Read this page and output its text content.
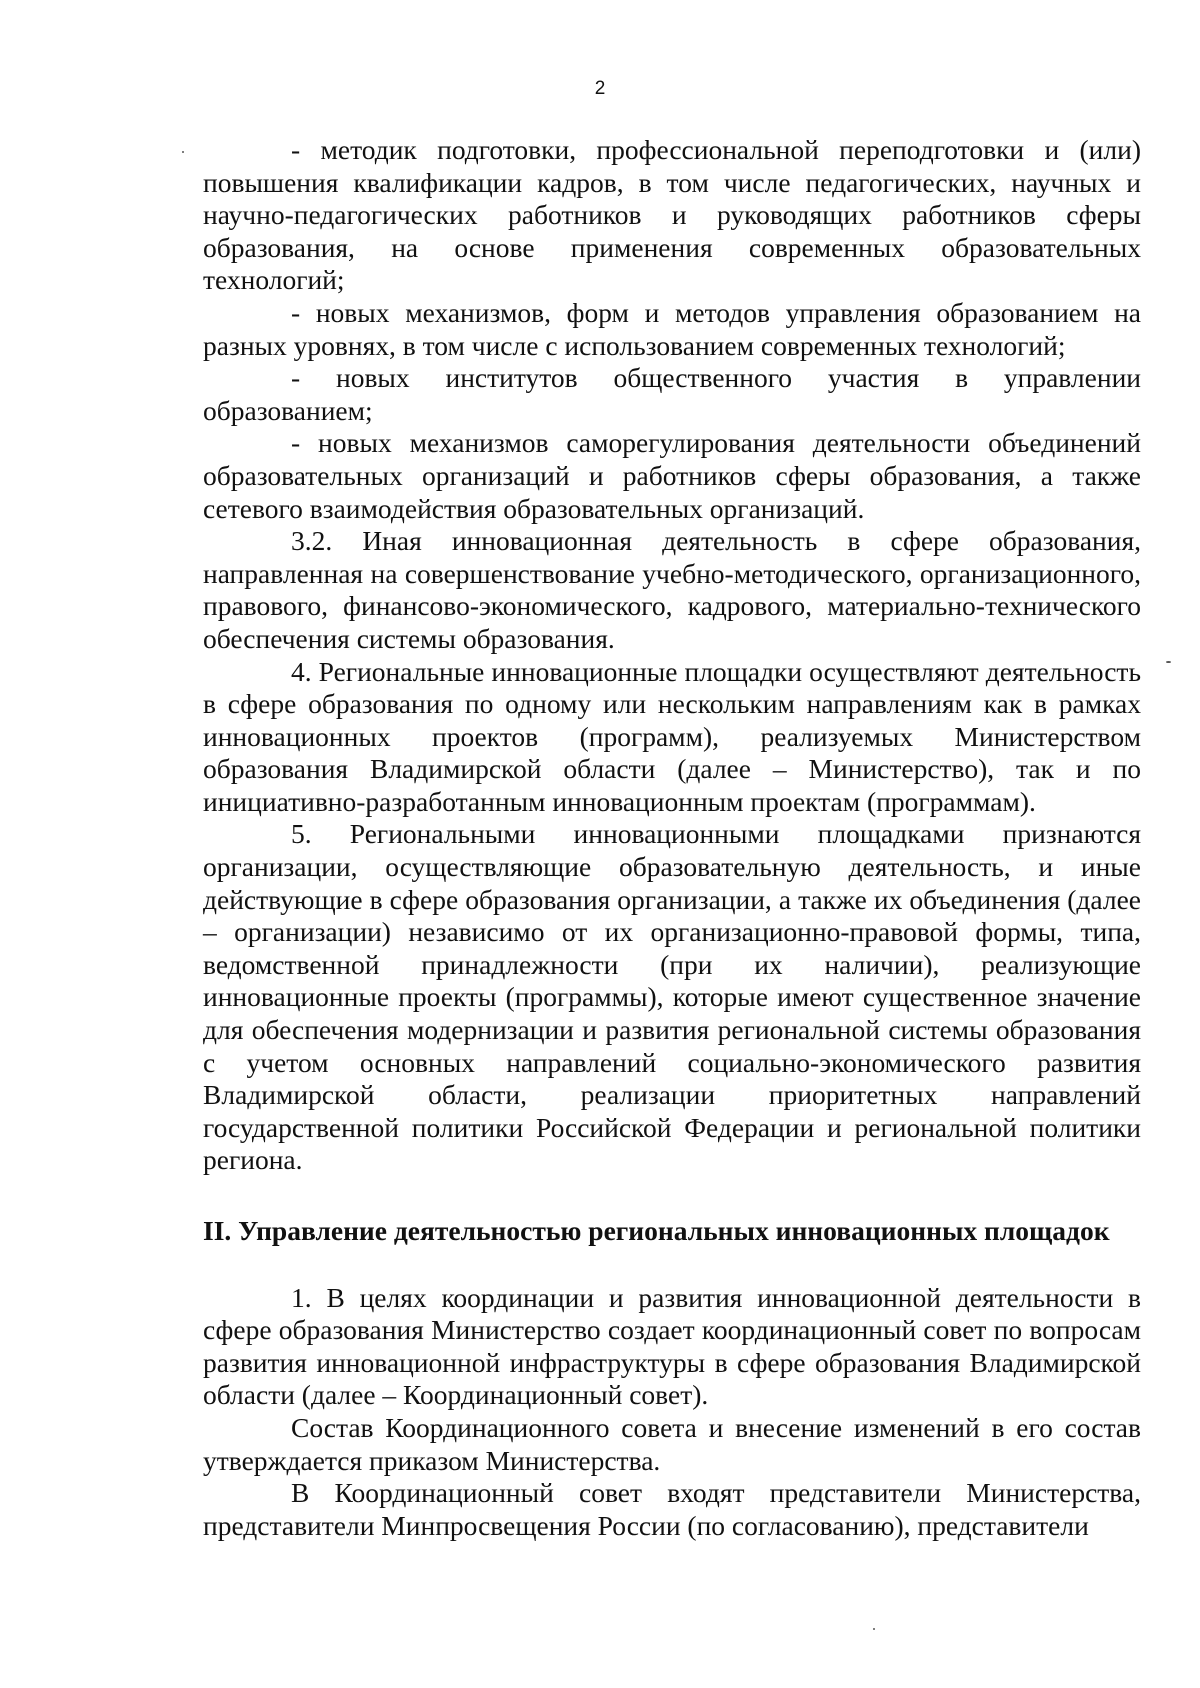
2

- методик подготовки, профессиональной переподготовки и (или) повышения квалификации кадров, в том числе педагогических, научных и научно-педагогических работников и руководящих работников сферы образования, на основе применения современных образовательных технологий;

- новых механизмов, форм и методов управления образованием на разных уровнях, в том числе с использованием современных технологий;

- новых институтов общественного участия в управлении образованием;

- новых механизмов саморегулирования деятельности объединений образовательных организаций и работников сферы образования, а также сетевого взаимодействия образовательных организаций.

3.2. Иная инновационная деятельность в сфере образования, направленная на совершенствование учебно-методического, организационного, правового, финансово-экономического, кадрового, материально-технического обеспечения системы образования.

4. Региональные инновационные площадки осуществляют деятельность в сфере образования по одному или нескольким направлениям как в рамках инновационных проектов (программ), реализуемых Министерством образования Владимирской области (далее – Министерство), так и по инициативно-разработанным инновационным проектам (программам).

5. Региональными инновационными площадками признаются организации, осуществляющие образовательную деятельность, и иные действующие в сфере образования организации, а также их объединения (далее – организации) независимо от их организационно-правовой формы, типа, ведомственной принадлежности (при их наличии), реализующие инновационные проекты (программы), которые имеют существенное значение для обеспечения модернизации и развития региональной системы образования с учетом основных направлений социально-экономического развития Владимирской области, реализации приоритетных направлений государственной политики Российской Федерации и региональной политики региона.

II. Управление деятельностью региональных инновационных площадок

1. В целях координации и развития инновационной деятельности в сфере образования Министерство создает координационный совет по вопросам развития инновационной инфраструктуры в сфере образования Владимирской области (далее – Координационный совет).

Состав Координационного совета и внесение изменений в его состав утверждается приказом Министерства.

В Координационный совет входят представители Министерства, представители Минпросвещения России (по согласованию), представители
